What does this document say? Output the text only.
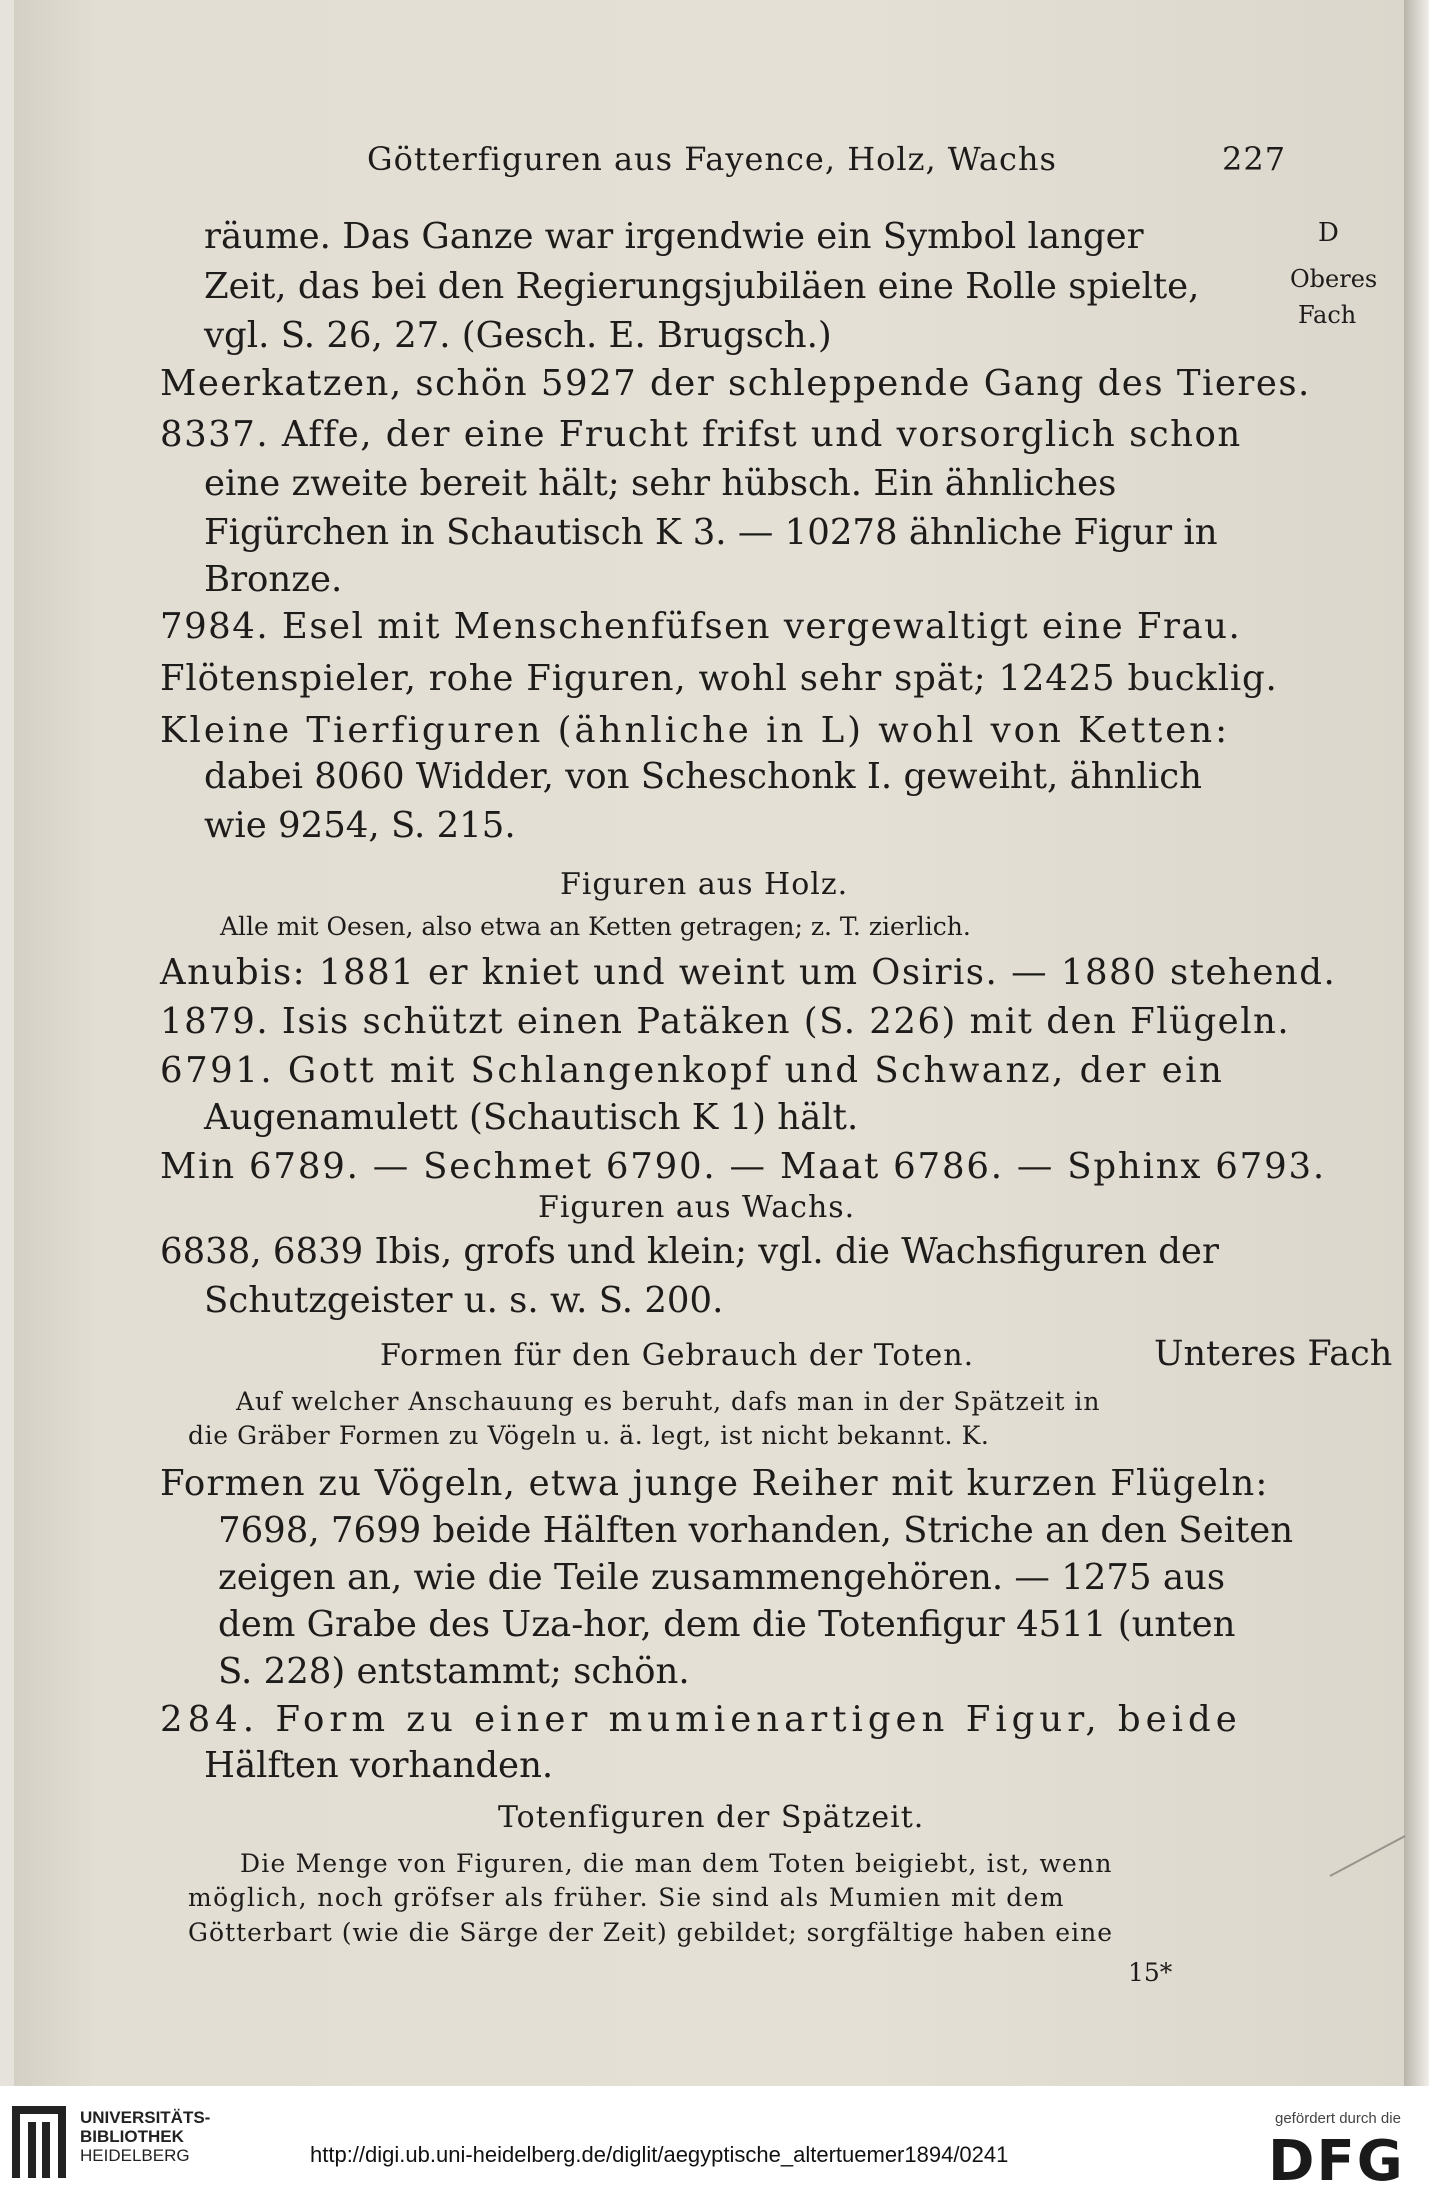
Götterfiguren aus Fayence, Holz, Wachs	227

D

Oberes

Fach

räume. Das Ganze war irgendwie ein Symbol langer

Zeit, das bei den Regierungsjubiläen eine Rolle spielte,

vgl. S. 26, 27. (Gesch. E. Brugsch.)

Meerkatzen, schön 5927 der schleppende Gang des Tieres.

8337. Affe, der eine Frucht frifst und vorsorglich schon

eine zweite bereit hält; sehr hübsch. Ein ähnliches

Figürchen in Schautisch K 3. — 10278 ähnliche Figur in

Bronze.

7984. Esel mit Menschenfüfsen vergewaltigt eine Frau.

Flötenspieler, rohe Figuren, wohl sehr spät; 12425 bucklig.

Kleine Tierfiguren (ähnliche in L) wohl von Ketten:

dabei 8060 Widder, von Scheschonk I. geweiht, ähnlich

wie 9254, S. 215.

Figuren aus Holz.

Alle mit Oesen, also etwa an Ketten getragen; z. T. zierlich.

Anubis: 1881 er kniet und weint um Osiris. — 1880 stehend.

1879. Isis schützt einen Patäken (S. 226) mit den Flügeln.

6791. Gott mit Schlangenkopf und Schwanz, der ein

Augenamulett (Schautisch K 1) hält.

Min 6789. — Sechmet 6790. — Maat 6786. — Sphinx 6793.

Figuren aus Wachs.

6838, 6839 Ibis, grofs und klein; vgl. die Wachsfiguren der

Schutzgeister u. s. w. S. 200.

Formen für den Gebrauch der Toten.	Unteres Fach

Auf welcher Anschauung es beruht, dafs man in der Spätzeit in

die Gräber Formen zu Vögeln u. ä. legt, ist nicht bekannt. K.

Formen zu Vögeln, etwa junge Reiher mit kurzen Flügeln:

7698, 7699 beide Hälften vorhanden, Striche an den Seiten

zeigen an, wie die Teile zusammengehören. — 1275 aus

dem Grabe des Uza-hor, dem die Totenfigur 4511 (unten

S. 228) entstammt; schön.

284. Form zu einer mumienartigen Figur, beide

Hälften vorhanden.

Totenfiguren der Spätzeit.

Die Menge von Figuren, die man dem Toten beigiebt, ist, wenn

möglich, noch gröfser als früher. Sie sind als Mumien mit dem

Götterbart (wie die Särge der Zeit) gebildet; sorgfältige haben eine

15*

UNIVERSITÄTS-
BIBLIOTHEK
HEIDELBERG	http://digi.ub.uni-heidelberg.de/diglit/aegyptische_altertuemer1894/0241
gefördert durch die
DFG
